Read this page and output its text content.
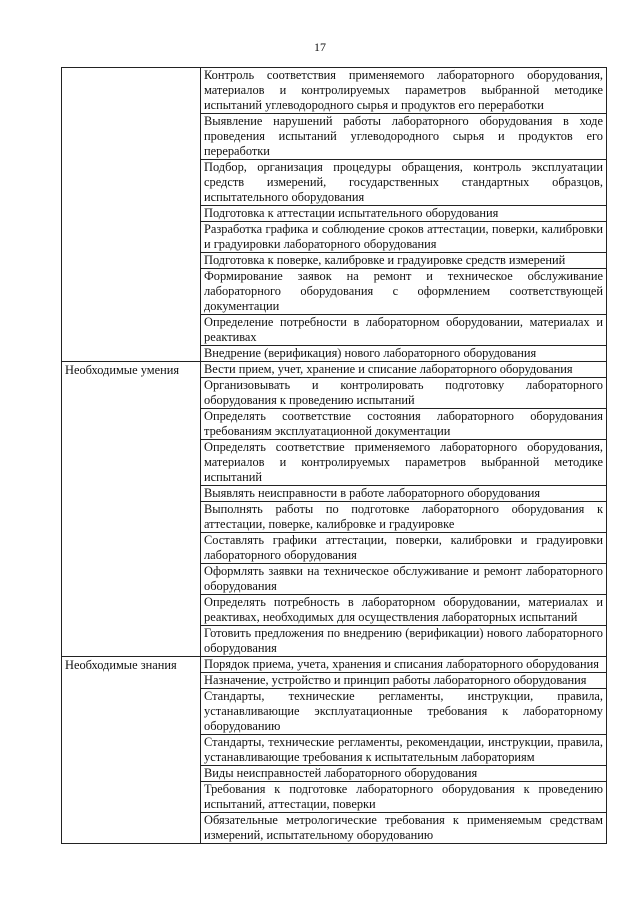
17
	Контроль соответствия применяемого лабораторного оборудования, материалов и контролируемых параметров выбранной методике испытаний углеводородного сырья и продуктов его переработки
	Выявление нарушений работы лабораторного оборудования в ходе проведения испытаний углеводородного сырья и продуктов его переработки
	Подбор, организация процедуры обращения, контроль эксплуатации средств измерений, государственных стандартных образцов, испытательного оборудования
	Подготовка к аттестации испытательного оборудования
	Разработка графика и соблюдение сроков аттестации, поверки, калибровки и градуировки лабораторного оборудования
	Подготовка к поверке, калибровке и градуировке средств измерений
	Формирование заявок на ремонт и техническое обслуживание лабораторного оборудования с оформлением соответствующей документации
	Определение потребности в лабораторном оборудовании, материалах и реактивах
	Внедрение (верификация) нового лабораторного оборудования

Необходимые умения	Вести прием, учет, хранение и списание лабораторного оборудования
	Организовывать и контролировать подготовку лабораторного оборудования к проведению испытаний
	Определять соответствие состояния лабораторного оборудования требованиям эксплуатационной документации
	Определять соответствие применяемого лабораторного оборудования, материалов и контролируемых параметров выбранной методике испытаний
	Выявлять неисправности в работе лабораторного оборудования
	Выполнять работы по подготовке лабораторного оборудования к аттестации, поверке, калибровке и градуировке
	Составлять графики аттестации, поверки, калибровки и градуировки лабораторного оборудования
	Оформлять заявки на техническое обслуживание и ремонт лабораторного оборудования
	Определять потребность в лабораторном оборудовании, материалах и реактивах, необходимых для осуществления лабораторных испытаний
	Готовить предложения по внедрению (верификации) нового лабораторного оборудования

Необходимые знания	Порядок приема, учета, хранения и списания лабораторного оборудования
	Назначение, устройство и принцип работы лабораторного оборудования
	Стандарты, технические регламенты, инструкции, правила, устанавливающие эксплуатационные требования к лабораторному оборудованию
	Стандарты, технические регламенты, рекомендации, инструкции, правила, устанавливающие требования к испытательным лабораториям
	Виды неисправностей лабораторного оборудования
	Требования к подготовке лабораторного оборудования к проведению испытаний, аттестации, поверки
	Обязательные метрологические требования к применяемым средствам измерений, испытательному оборудованию
